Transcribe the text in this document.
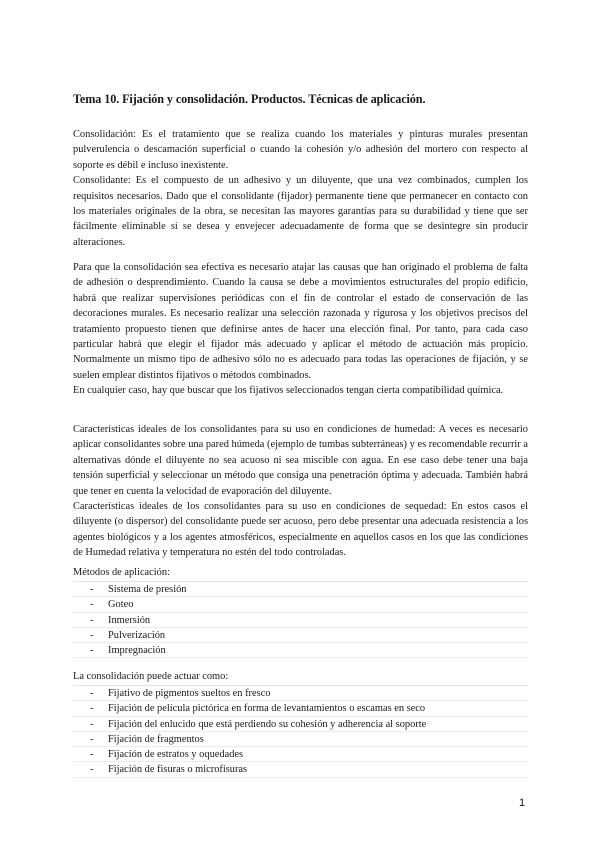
Tema 10. Fijación y consolidación. Productos. Técnicas de aplicación.

Consolidación: Es el tratamiento que se realiza cuando los materiales y pinturas murales presentan pulverulencia o descamación superficial o cuando la cohesión y/o adhesión del mortero con respecto al soporte es débil e incluso inexistente.

Consolidante: Es el compuesto de un adhesivo y un diluyente, que una vez combinados, cumplen los requisitos necesarios. Dado que el consolidante (fijador) permanente tiene que permanecer en contacto con los materiales originales de la obra, se necesitan las mayores garantías para su durabilidad y tiene que ser fácilmente eliminable si se desea y envejecer adecuadamente de forma que se desintegre sin producir alteraciones.

Para que la consolidación sea efectiva es necesario atajar las causas que han originado el problema de falta de adhesión o desprendimiento. Cuando la causa se debe a movimientos estructurales del propio edificio, habrá que realizar supervisiones periódicas con el fin de controlar el estado de conservación de las decoraciones murales. Es necesario realizar una selección razonada y rigurosa y los objetivos precisos del tratamiento propuesto tienen que definirse antes de hacer una elección final. Por tanto, para cada caso particular habrá que elegir el fijador más adecuado y aplicar el método de actuación más propicio. Normalmente un mismo tipo de adhesivo sólo no es adecuado para todas las operaciones de fijación, y se suelen emplear distintos fijativos o métodos combinados.

En cualquier caso, hay que buscar que los fijativos seleccionados tengan cierta compatibilidad química.

Características ideales de los consolidantes para su uso en condiciones de humedad: A veces es necesario aplicar consolidantes sobre una pared húmeda (ejemplo de tumbas subterráneas) y es recomendable recurrir a alternativas dónde el diluyente no sea acuoso ni sea miscible con agua. En ese caso debe tener una baja tensión superficial y seleccionar un método que consiga una penetración óptima y adecuada. También habrá que tener en cuenta la velocidad de evaporación del diluyente.

Características ideales de los consolidantes para su uso en condiciones de sequedad: En estos casos el diluyente (o dispersor) del consolidante puede ser acuoso, pero debe presentar una adecuada resistencia a los agentes biológicos y a los agentes atmosféricos, especialmente en aquellos casos en los que las condiciones de Humedad relativa y temperatura no estén del todo controladas.

Métodos de aplicación:

- Sistema de presión
- Goteo
- Inmersión
- Pulverización
- Impregnación

La consolidación puede actuar como:

- Fijativo de pigmentos sueltos en fresco
- Fijación de película pictórica en forma de levantamientos o escamas en seco
- Fijación del enlucido que está perdiendo su cohesión y adherencia al soporte
- Fijación de fragmentos
- Fijación de estratos y oquedades
- Fijación de fisuras o microfisuras
1
